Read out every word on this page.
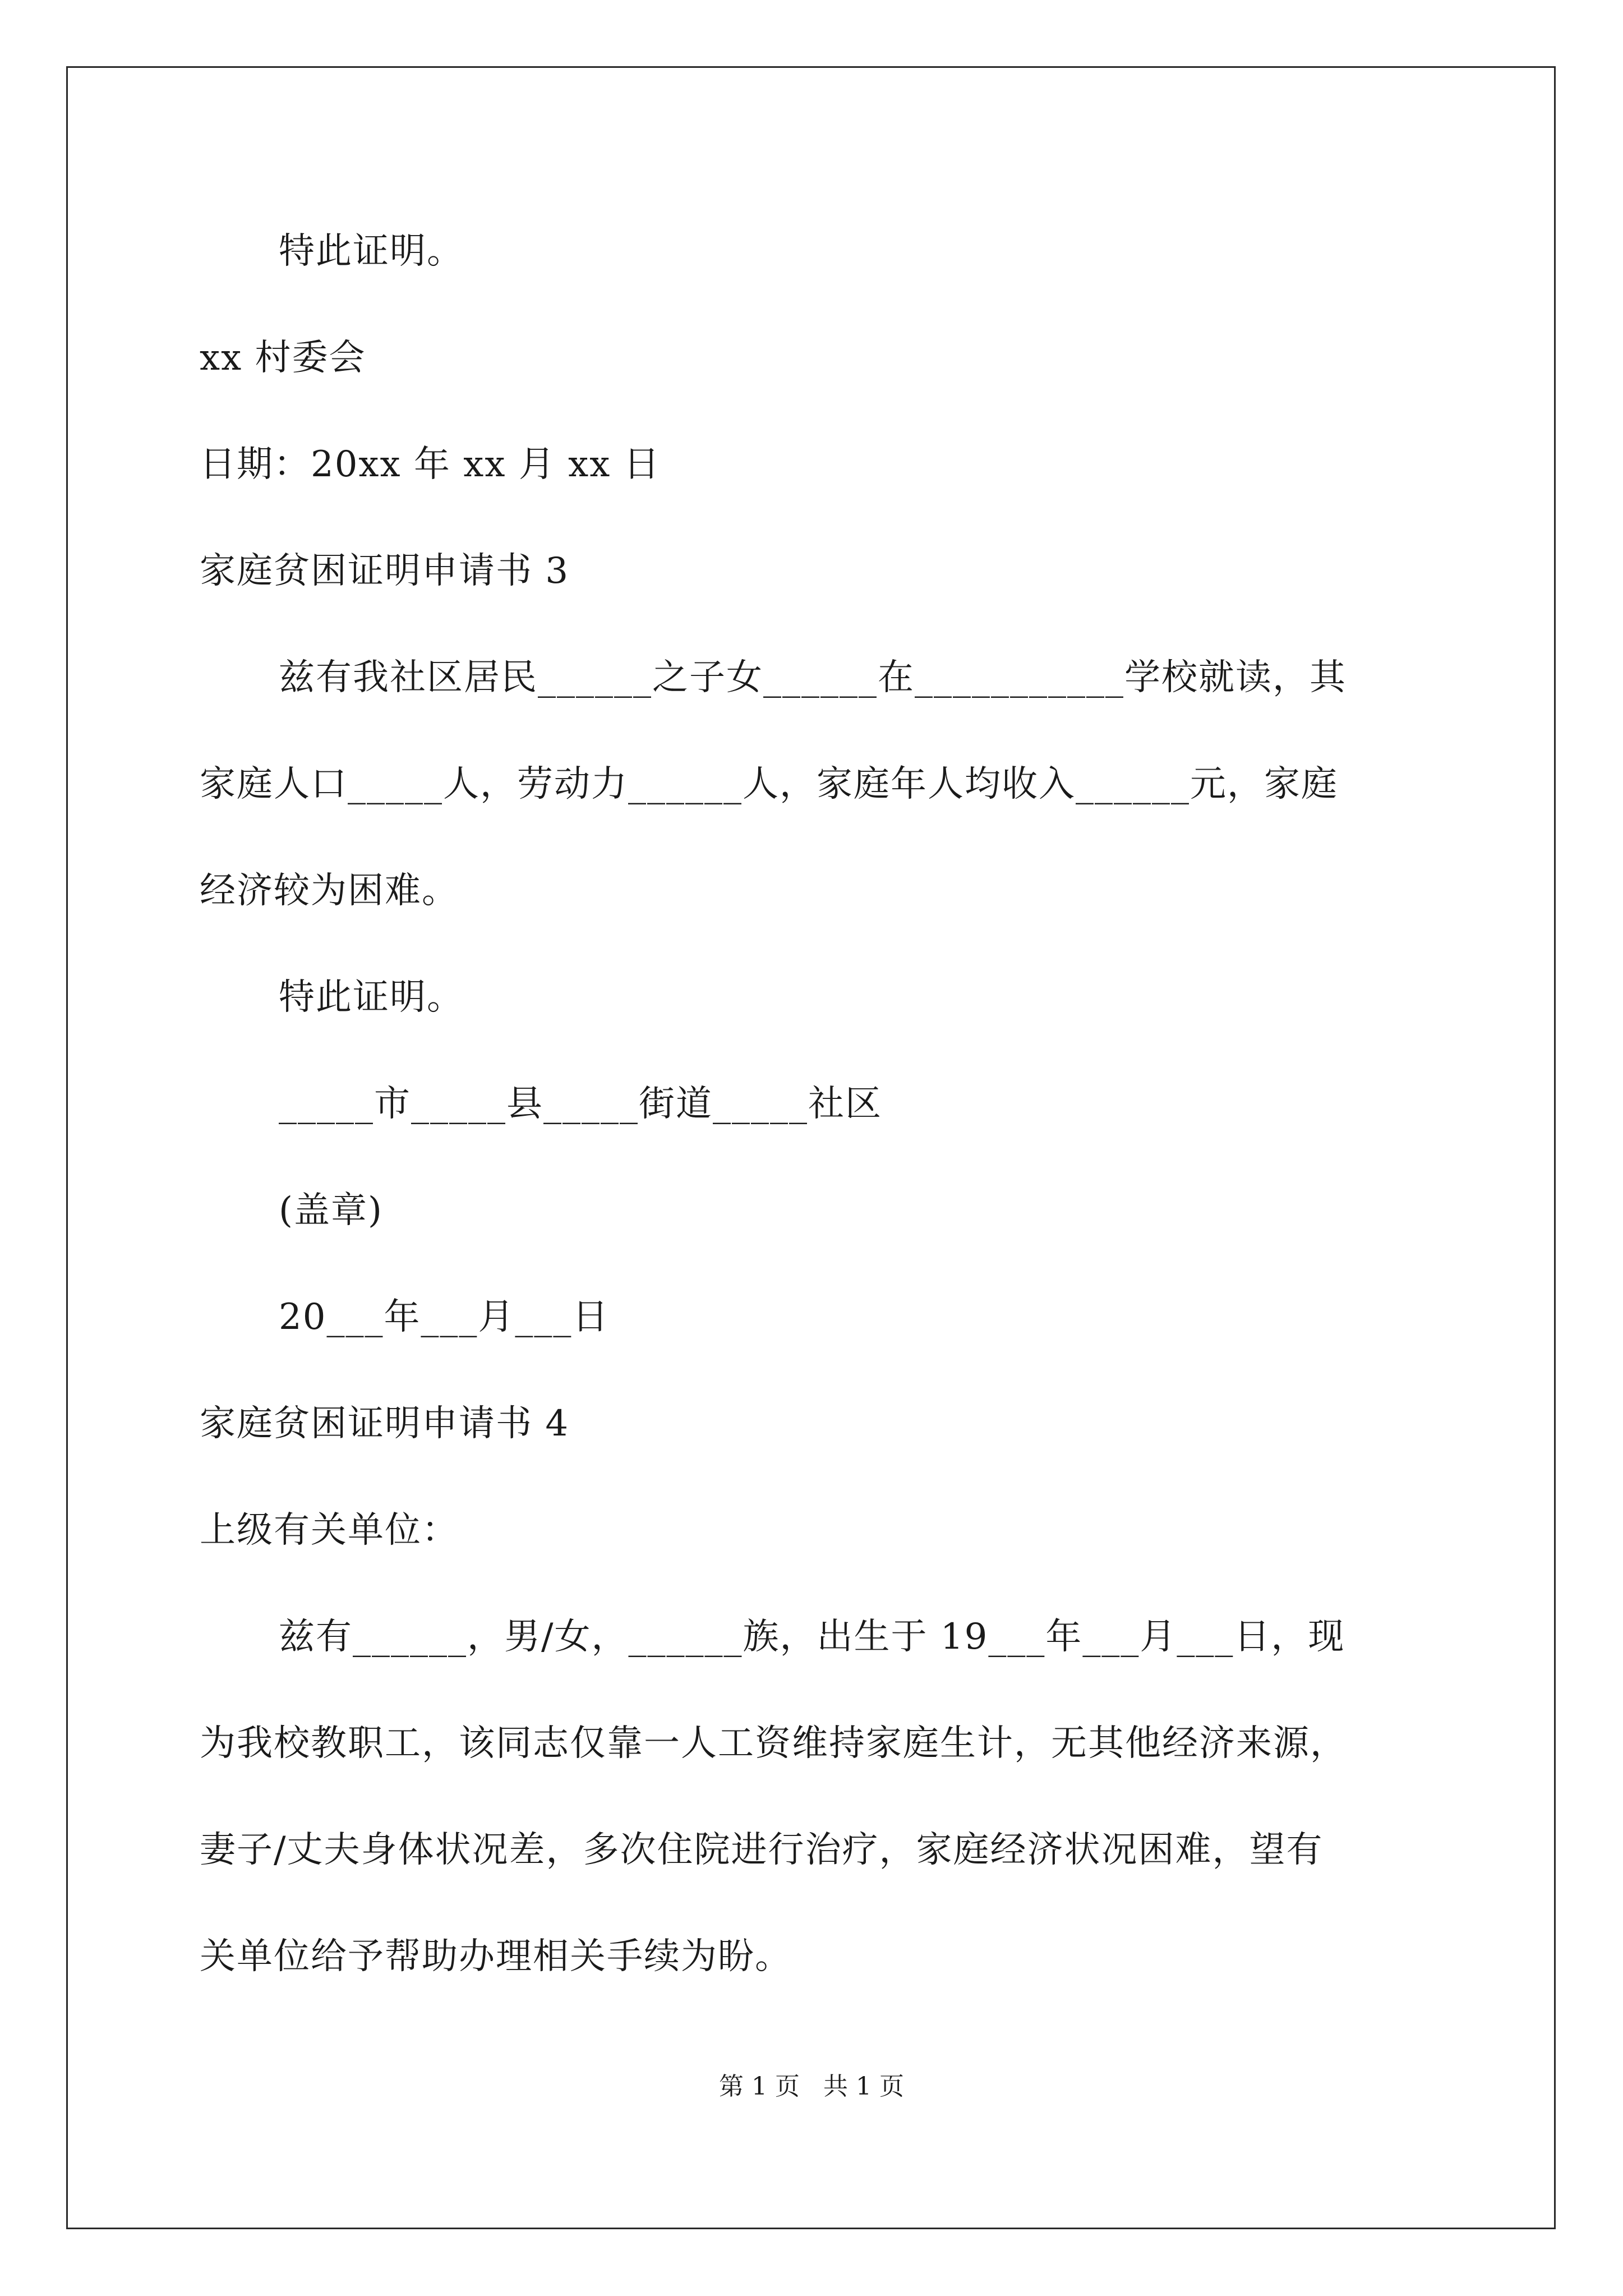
特此证明。
xx 村委会
日期：20xx 年 xx 月 xx 日
家庭贫困证明申请书 3
兹有我社区居民______之子女______在___________学校就读，其
家庭人口_____人，劳动力______人，家庭年人均收入______元，家庭
经济较为困难。
特此证明。
_____市_____县_____街道_____社区
(盖章)
20___年___月___日
家庭贫困证明申请书 4
上级有关单位：
兹有______，男/女，______族，出生于 19___年___月___日，现
为我校教职工，该同志仅靠一人工资维持家庭生计，无其他经济来源，
妻子/丈夫身体状况差，多次住院进行治疗，家庭经济状况困难，望有
关单位给予帮助办理相关手续为盼。
第 1 页   共 1 页
